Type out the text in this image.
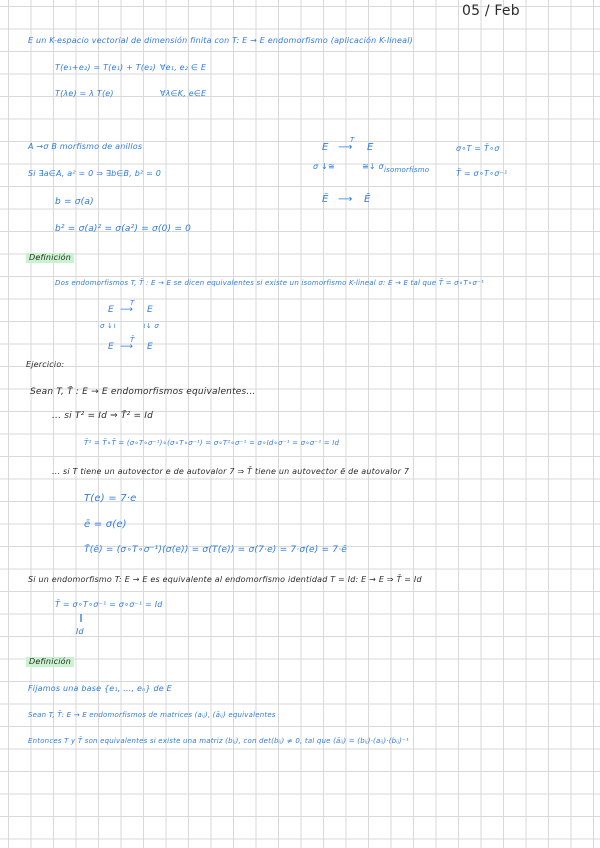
05 / Feb
E un K-espacio vectorial de dimensión finita con T: E → E endomorfismo (aplicación K-lineal)
T(e₁+e₂) = T(e₁) + T(e₂) ∀e₁, e₂ ∈ E
T(λe) = λ T(e)	∀λ∈K, e∈E
A →σ B morfismo de anillos
Si ∃a∈A, a² = 0 ⇒ ∃b∈B, b² = 0
b = σ(a)
b² = σ(a)² = σ(a²) = σ(0) = 0
E
T
⟶ E
σ ↓≅	≅↓ σ isomorfismo
Ē ⟶ Ē
σ∘T = T̄∘σ
T̄ = σ∘T∘σ⁻¹
Definición
Dos endomorfismos T, T̄ : E → E se dicen equivalentes si existe un isomorfismo K-lineal σ: E → E tal que T̄ = σ∘T∘σ⁻¹
E
T
⟶ E
σ ↓≀	≀↓ σ
E
T̄
⟶ E
Ejercicio:
Sean T, T̄ : E → E endomorfismos equivalentes...
... si T² = Id ⇒ T̄² = Id
T̄² = T̄∘T̄ = (σ∘T∘σ⁻¹)∘(σ∘T∘σ⁻¹) = σ∘T²∘σ⁻¹ = σ∘Id∘σ⁻¹ = σ∘σ⁻¹ = Id
... si T tiene un autovector e de autovalor 7 ⇒ T̄ tiene un autovector ē de autovalor 7
T(e) = 7·e
ē = σ(e)
T̄(ē) = (σ∘T∘σ⁻¹)(σ(e)) = σ(T(e)) = σ(7·e) = 7·σ(e) = 7·ē
Si un endomorfismo T: E → E es equivalente al endomorfismo identidad T = Id: E → E ⇒ T̄ = Id
T̄ = σ∘T∘σ⁻¹ = σ∘σ⁻¹ = Id
‖
Id
Definición
Fijamos una base {e₁, ..., eₙ} de E
Sean T, T̄: E → E endomorfismos de matrices (aᵢⱼ), (āᵢⱼ) equivalentes
Entonces T y T̄ son equivalentes si existe una matriz (bᵢⱼ), con det(bᵢⱼ) ≠ 0, tal que (āᵢⱼ) = (bᵢⱼ)·(aᵢⱼ)·(bᵢⱼ)⁻¹
